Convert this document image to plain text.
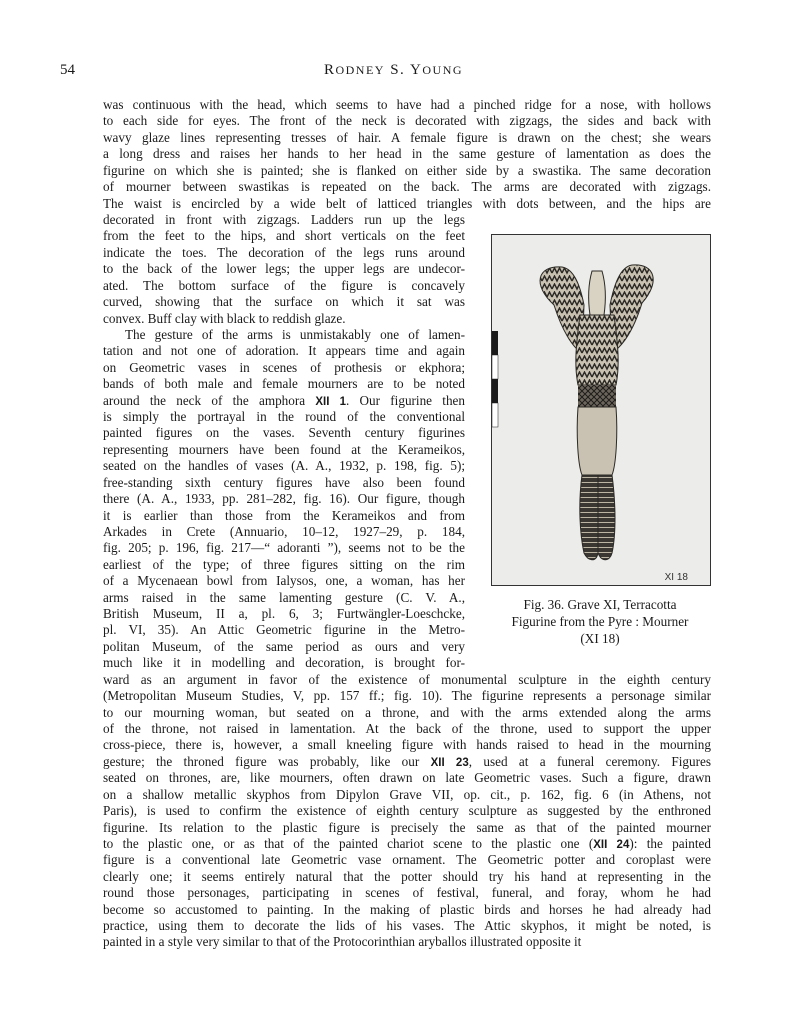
54	RODNEY S. YOUNG
was continuous with the head, which seems to have had a pinched ridge for a nose, with hollows
to each side for eyes. The front of the neck is decorated with zigzags, the sides and back with
wavy glaze lines representing tresses of hair. A female figure is drawn on the chest; she wears
a long dress and raises her hands to her head in the same gesture of lamentation as does the
figurine on which she is painted; she is flanked on either side by a swastika. The same decoration
of mourner between swastikas is repeated on the back. The arms are decorated with zigzags.
The waist is encircled by a wide belt of latticed triangles with dots between, and the hips are
decorated in front with zigzags. Ladders run up the legs
from the feet to the hips, and short verticals on the feet
indicate the toes. The decoration of the legs runs around
to the back of the lower legs; the upper legs are undecor-
ated. The bottom surface of the figure is concavely
curved, showing that the surface on which it sat was
convex. Buff clay with black to reddish glaze.
The gesture of the arms is unmistakably one of lamen-
tation and not one of adoration. It appears time and again
on Geometric vases in scenes of prothesis or ekphora;
bands of both male and female mourners are to be noted
around the neck of the amphora XII 1. Our figurine then
is simply the portrayal in the round of the conventional
painted figures on the vases. Seventh century figurines
representing mourners have been found at the Kerameikos,
seated on the handles of vases (A. A., 1932, p. 198, fig. 5);
free-standing sixth century figures have also been found
there (A. A., 1933, pp. 281–282, fig. 16). Our figure, though
it is earlier than those from the Kerameikos and from
Arkades in Crete (Annuario, 10–12, 1927–29, p. 184,
fig. 205; p. 196, fig. 217—“ adoranti ”), seems not to be the
earliest of the type; of three figures sitting on the rim
of a Mycenaean bowl from Ialysos, one, a woman, has her
arms raised in the same lamenting gesture (C. V. A.,
British Museum, II a, pl. 6, 3; Furtwängler-Loeschcke,
pl. VI, 35). An Attic Geometric figurine in the Metro-
politan Museum, of the same period as ours and very
much like it in modelling and decoration, is brought for-
ward as an argument in favor of the existence of monumental sculpture in the eighth century
(Metropolitan Museum Studies, V, pp. 157 ff.; fig. 10). The figurine represents a personage similar
to our mourning woman, but seated on a throne, and with the arms extended along the arms
of the throne, not raised in lamentation. At the back of the throne, used to support the upper
cross-piece, there is, however, a small kneeling figure with hands raised to head in the mourning
gesture; the throned figure was probably, like our XII 23, used at a funeral ceremony. Figures
seated on thrones, are, like mourners, often drawn on late Geometric vases. Such a figure, drawn
on a shallow metallic skyphos from Dipylon Grave VII, op. cit., p. 162, fig. 6 (in Athens, not
Paris), is used to confirm the existence of eighth century sculpture as suggested by the enthroned
figurine. Its relation to the plastic figure is precisely the same as that of the painted mourner
to the plastic one, or as that of the painted chariot scene to the plastic one (XII 24): the painted
figure is a conventional late Geometric vase ornament. The Geometric potter and coroplast were
clearly one; it seems entirely natural that the potter should try his hand at representing in the
round those personages, participating in scenes of festival, funeral, and foray, whom he had
become so accustomed to painting. In the making of plastic birds and horses he had already had
practice, using them to decorate the lids of his vases. The Attic skyphos, it might be noted, is
painted in a style very similar to that of the Protocorinthian aryballos illustrated opposite it
XI 18
Fig. 36. Grave XI, Terracotta
Figurine from the Pyre : Mourner
(XI 18)
